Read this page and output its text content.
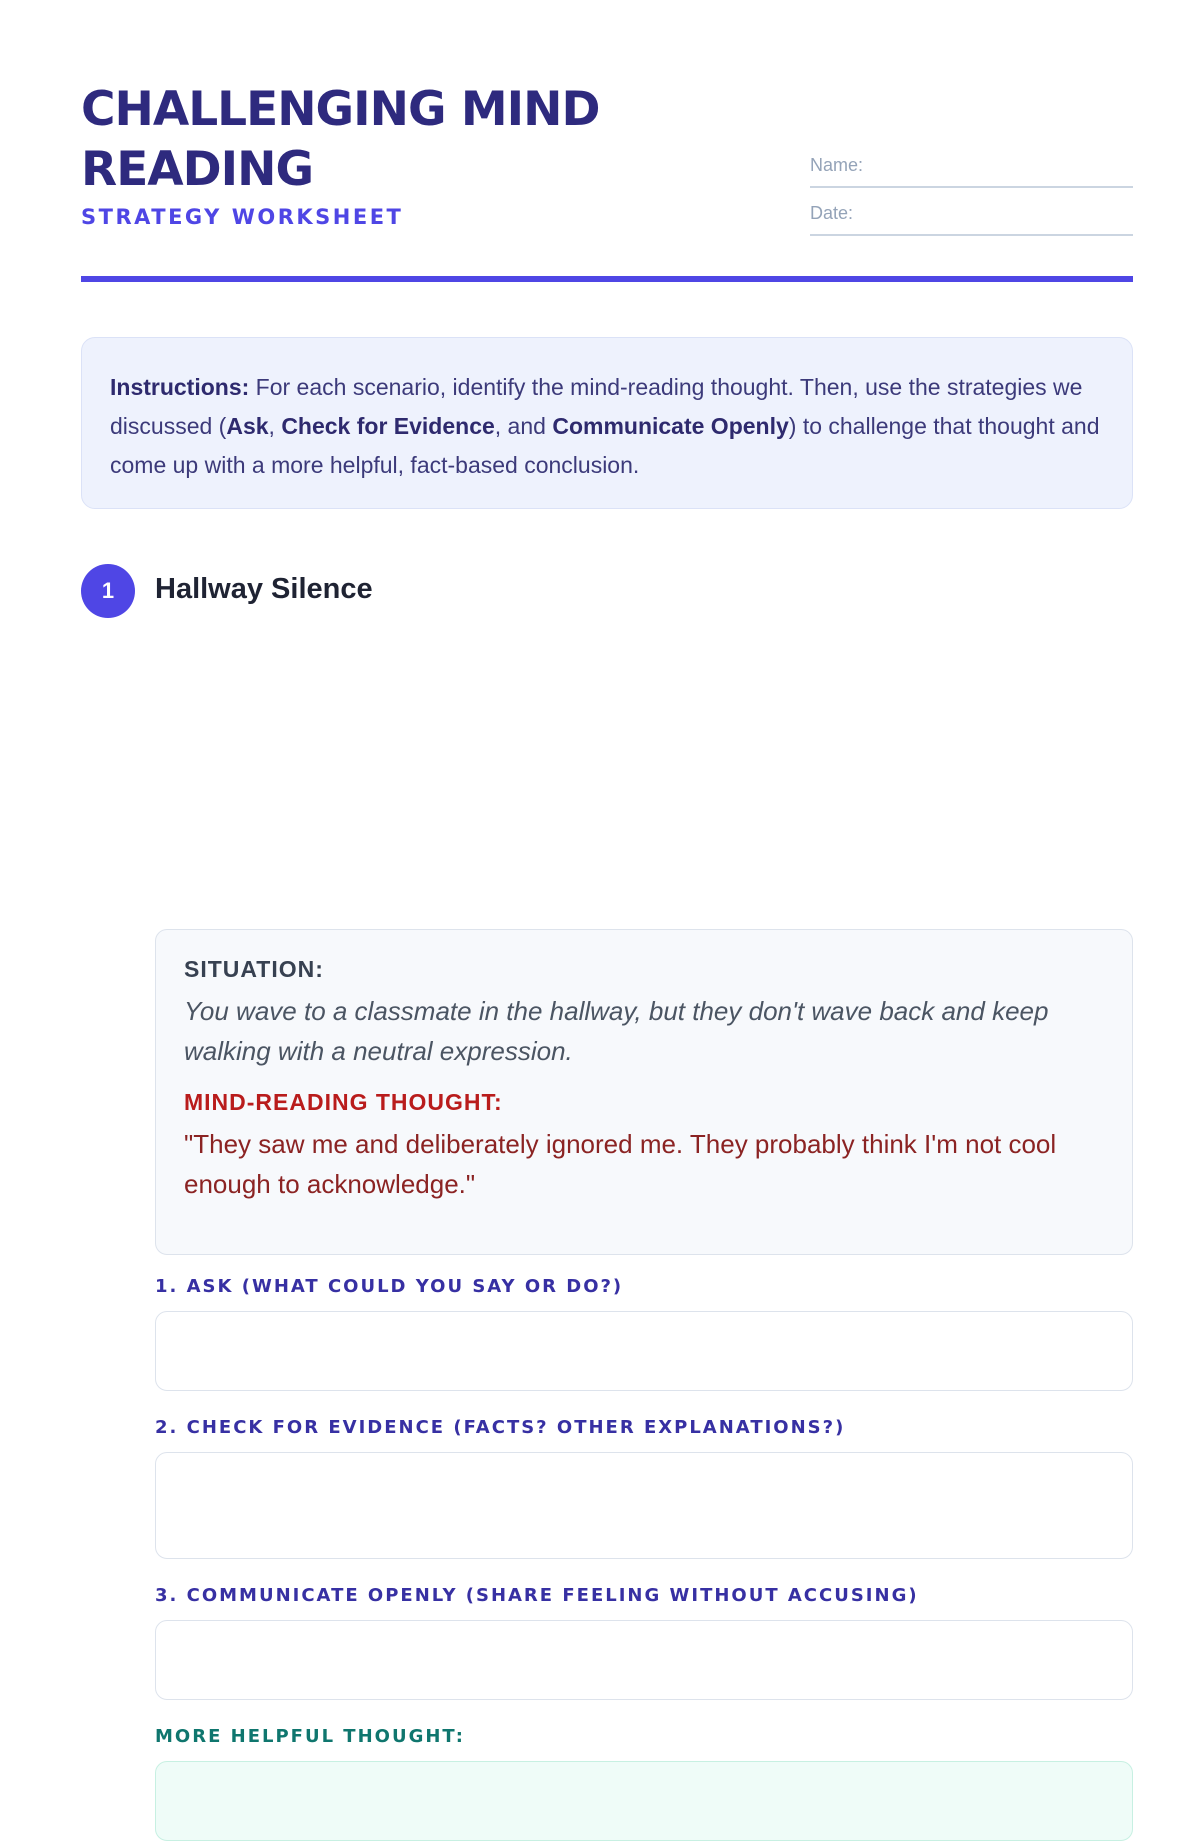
CHALLENGING MIND READING
STRATEGY WORKSHEET
Name:
Date:
Instructions: For each scenario, identify the mind-reading thought. Then, use the strategies we discussed (Ask, Check for Evidence, and Communicate Openly) to challenge that thought and come up with a more helpful, fact-based conclusion.
1	Hallway Silence

SITUATION:

You wave to a classmate in the hallway, but they don't wave back and keep walking with a neutral expression.

MIND-READING THOUGHT:

"They saw me and deliberately ignored me. They probably think I'm not cool enough to acknowledge."

1. ASK (WHAT COULD YOU SAY OR DO?)
2. CHECK FOR EVIDENCE (FACTS? OTHER EXPLANATIONS?)
3. COMMUNICATE OPENLY (SHARE FEELING WITHOUT ACCUSING)
MORE HELPFUL THOUGHT:
